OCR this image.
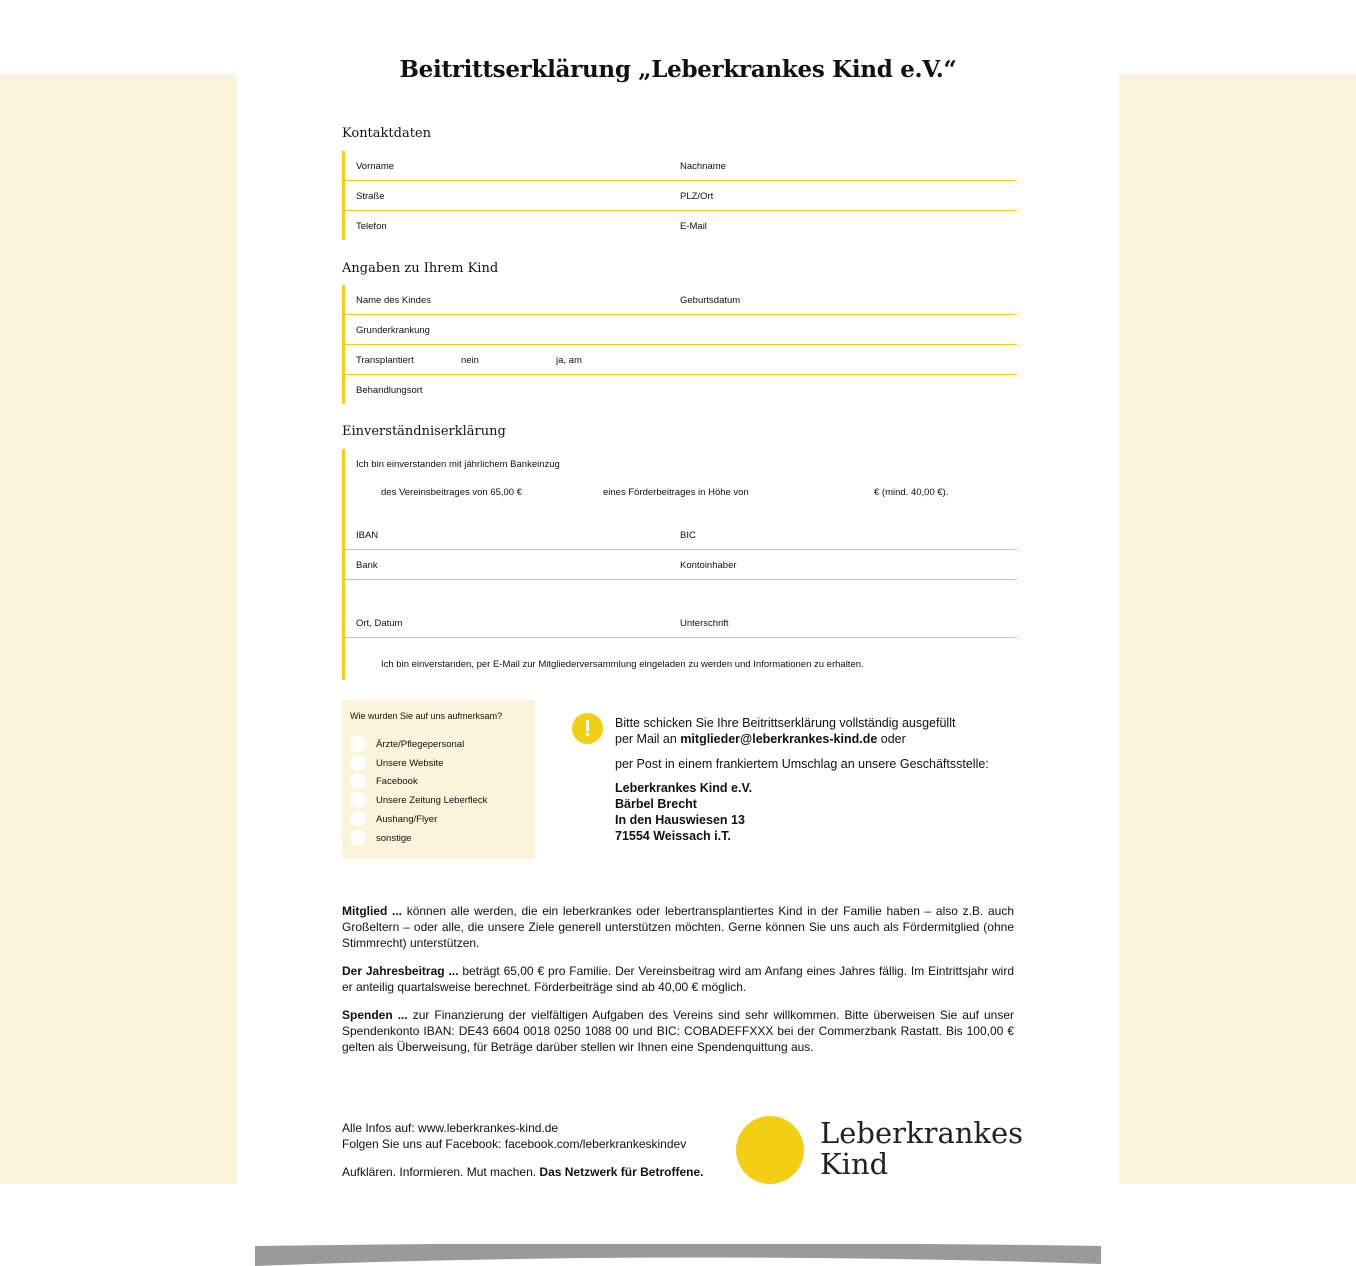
Beitrittserklärung „Leberkrankes Kind e.V.“
Kontaktdaten
Vorname	Nachname
Straße	PLZ/Ort
Telefon	E-Mail
Angaben zu Ihrem Kind
Name des Kindes	Geburtsdatum
Grunderkrankung
Transplantiert	nein	ja, am
Behandlungsort
Einverständniserklärung
Ich bin einverstanden mit jährlichem Bankeinzug
des Vereinsbeitrages von 65,00 €	eines Förderbeitrages in Höhe von	€ (mind. 40,00 €).
IBAN	BIC
Bank	Kontoinhaber
Ort, Datum	Unterschrift
Ich bin einverstanden, per E-Mail zur Mitgliederversammlung eingeladen zu werden und Informationen zu erhalten.
Wie wurden Sie auf uns aufmerksam?
Ärzte/Pflegepersonal
Unsere Website
Facebook
Unsere Zeitung Leberfleck
Aushang/Flyer
sonstige
!	Bitte schicken Sie Ihre Beitrittserklärung vollständig ausgefüllt
per Mail an mitglieder@leberkrankes-kind.de oder
per Post in einem frankiertem Umschlag an unsere Geschäftsstelle:
Leberkrankes Kind e.V.
Bärbel Brecht
In den Hauswiesen 13
71554 Weissach i.T.
Mitglied ... können alle werden, die ein leberkrankes oder lebertransplantiertes Kind in der Familie haben – also z.B. auch Großeltern – oder alle, die unsere Ziele generell unterstützen möchten. Gerne können Sie uns auch als Fördermitglied (ohne Stimmrecht) unterstützen.
Der Jahresbeitrag ... beträgt 65,00 € pro Familie. Der Vereinsbeitrag wird am Anfang eines Jahres fällig. Im Eintrittsjahr wird er anteilig quartalsweise berechnet. Förderbeiträge sind ab 40,00 € möglich.
Spenden ... zur Finanzierung der vielfältigen Aufgaben des Vereins sind sehr willkommen. Bitte überweisen Sie auf unser Spendenkonto IBAN: DE43 6604 0018 0250 1088 00 und BIC: COBADEFFXXX bei der Commerzbank Rastatt. Bis 100,00 € gelten als Überweisung, für Beträge darüber stellen wir Ihnen eine Spendenquittung aus.
Alle Infos auf: www.leberkrankes-kind.de
Folgen Sie uns auf Facebook: facebook.com/leberkrankeskindev
Aufklären. Informieren. Mut machen. Das Netzwerk für Betroffene.
Leberkrankes
Kind
